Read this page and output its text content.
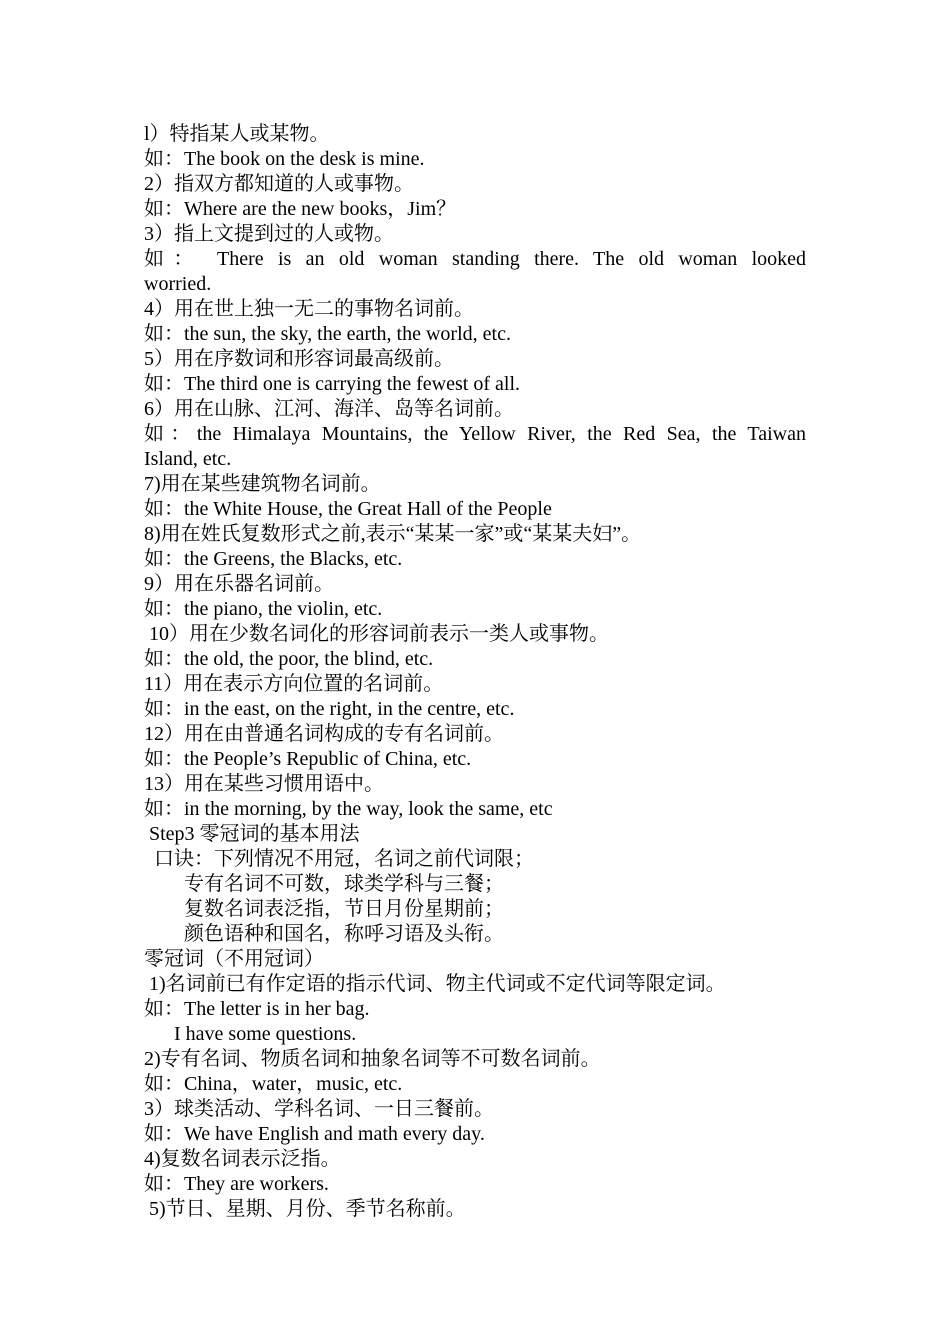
l）特指某人或某物。
如：The book on the desk is mine.
2）指双方都知道的人或事物。
如：Where are the new books，Jim？
3）指上文提到过的人或物。
如： There is an old woman standing there. The old woman looked
worried.
4）用在世上独一无二的事物名词前。
如：the sun, the sky, the earth, the world, etc.
5）用在序数词和形容词最高级前。
如：The third one is carrying the fewest of all.
6）用在山脉、江河、海洋、岛等名词前。
如：the Himalaya Mountains, the Yellow River, the Red Sea, the Taiwan
Island, etc.
7)用在某些建筑物名词前。
如：the White House, the Great Hall of the People
8)用在姓氏复数形式之前,表示“某某一家”或“某某夫妇”。
如：the Greens, the Blacks, etc.
9）用在乐器名词前。
如：the piano, the violin, etc.
10）用在少数名词化的形容词前表示一类人或事物。
如：the old, the poor, the blind, etc.
11）用在表示方向位置的名词前。
如：in the east, on the right, in the centre, etc.
12）用在由普通名词构成的专有名词前。
如：the People’s Republic of China, etc.
13）用在某些习惯用语中。
如：in the morning, by the way, look the same, etc
Step3 零冠词的基本用法
口诀：下列情况不用冠，名词之前代词限；
专有名词不可数，球类学科与三餐；
复数名词表泛指，节日月份星期前；
颜色语种和国名，称呼习语及头衔。
零冠词（不用冠词）
1)名词前已有作定语的指示代词、物主代词或不定代词等限定词。
如：The letter is in her bag.
I have some questions.
2)专有名词、物质名词和抽象名词等不可数名词前。
如：China，water，music, etc.
3）球类活动、学科名词、一日三餐前。
如：We have English and math every day.
4)复数名词表示泛指。
如：They are workers.
5)节日、星期、月份、季节名称前。
